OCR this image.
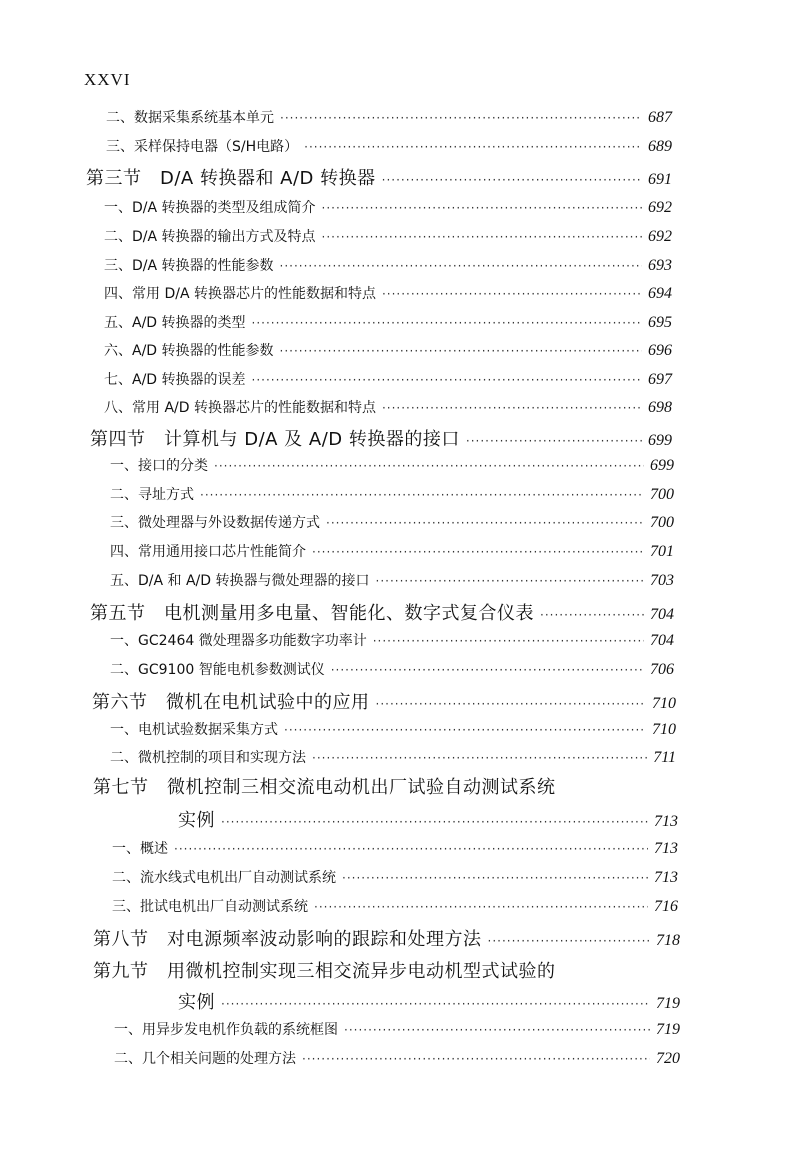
XXVI
二、数据采集系统基本单元 ·····	687
三、采样保持电器（S/H电路） ·····	689
第三节　D/A 转换器和 A/D 转换器 ·····	691
一、D/A 转换器的类型及组成简介 ·····	692
二、D/A 转换器的输出方式及特点 ·····	692
三、D/A 转换器的性能参数 ·····	693
四、常用 D/A 转换器芯片的性能数据和特点 ·····	694
五、A/D 转换器的类型 ·····	695
六、A/D 转换器的性能参数 ·····	696
七、A/D 转换器的误差 ·····	697
八、常用 A/D 转换器芯片的性能数据和特点 ·····	698
第四节　计算机与 D/A 及 A/D 转换器的接口 ·····	699
一、接口的分类 ·····	699
二、寻址方式 ·····	700
三、微处理器与外设数据传递方式 ·····	700
四、常用通用接口芯片性能简介 ·····	701
五、D/A 和 A/D 转换器与微处理器的接口 ·····	703
第五节　电机测量用多电量、智能化、数字式复合仪表 ·····	704
一、GC2464 微处理器多功能数字功率计 ·····	704
二、GC9100 智能电机参数测试仪 ·····	706
第六节　微机在电机试验中的应用 ·····	710
一、电机试验数据采集方式 ·····	710
二、微机控制的项目和实现方法 ·····	711
第七节　微机控制三相交流电动机出厂试验自动测试系统
实例 ·····	713
一、概述 ·····	713
二、流水线式电机出厂自动测试系统 ·····	713
三、批试电机出厂自动测试系统 ·····	716
第八节　对电源频率波动影响的跟踪和处理方法 ·····	718
第九节　用微机控制实现三相交流异步电动机型式试验的
实例 ·····	719
一、用异步发电机作负载的系统框图 ·····	719
二、几个相关问题的处理方法 ·····	720
